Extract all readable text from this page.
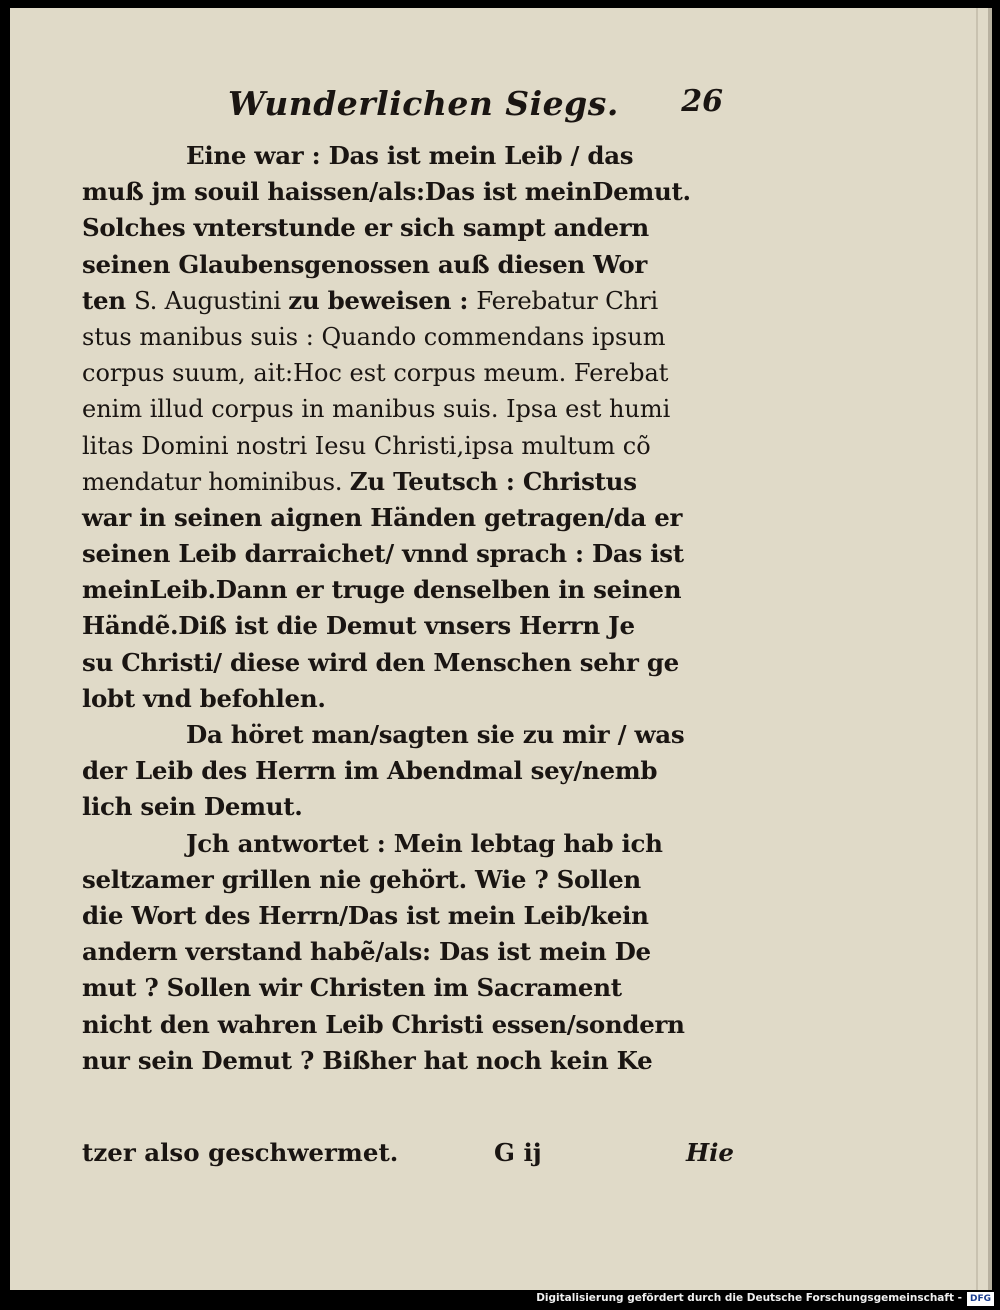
Wunderlichen Siegs. 26
Eine war : Das ist mein Leib / das
muß jm souil haissen/als:Das ist meinDemut.
Solches vnterstunde er sich sampt andern
seinen Glaubensgenossen auß diesen Wor
ten S. Augustini zu beweisen : Ferebatur Chri
stus manibus suis : Quando commendans ipsum
corpus suum, ait:Hoc est corpus meum. Ferebat
enim illud corpus in manibus suis. Ipsa est humi
litas Domini nostri Iesu Christi,ipsa multum cõ
mendatur hominibus. Zu Teutsch : Christus
war in seinen aignen Händen getragen/da er
seinen Leib darraichet/ vnnd sprach : Das ist
meinLeib.Dann er truge denselben in seinen
Händẽ.Diß ist die Demut vnsers Herrn Je
su Christi/ diese wird den Menschen sehr ge
lobt vnd befohlen.
Da höret man/sagten sie zu mir / was
der Leib des Herrn im Abendmal sey/nemb
lich sein Demut.
Jch antwortet : Mein lebtag hab ich
seltzamer grillen nie gehört. Wie ? Sollen
die Wort des Herrn/Das ist mein Leib/kein
andern verstand habẽ/als: Das ist mein De
mut ? Sollen wir Christen im Sacrament
nicht den wahren Leib Christi essen/sondern
nur sein Demut ? Bißher hat noch kein Ke
tzer also geschwermet.	G ij	Hie
Digitalisierung gefördert durch die Deutsche Forschungsgemeinschaft - DFG
